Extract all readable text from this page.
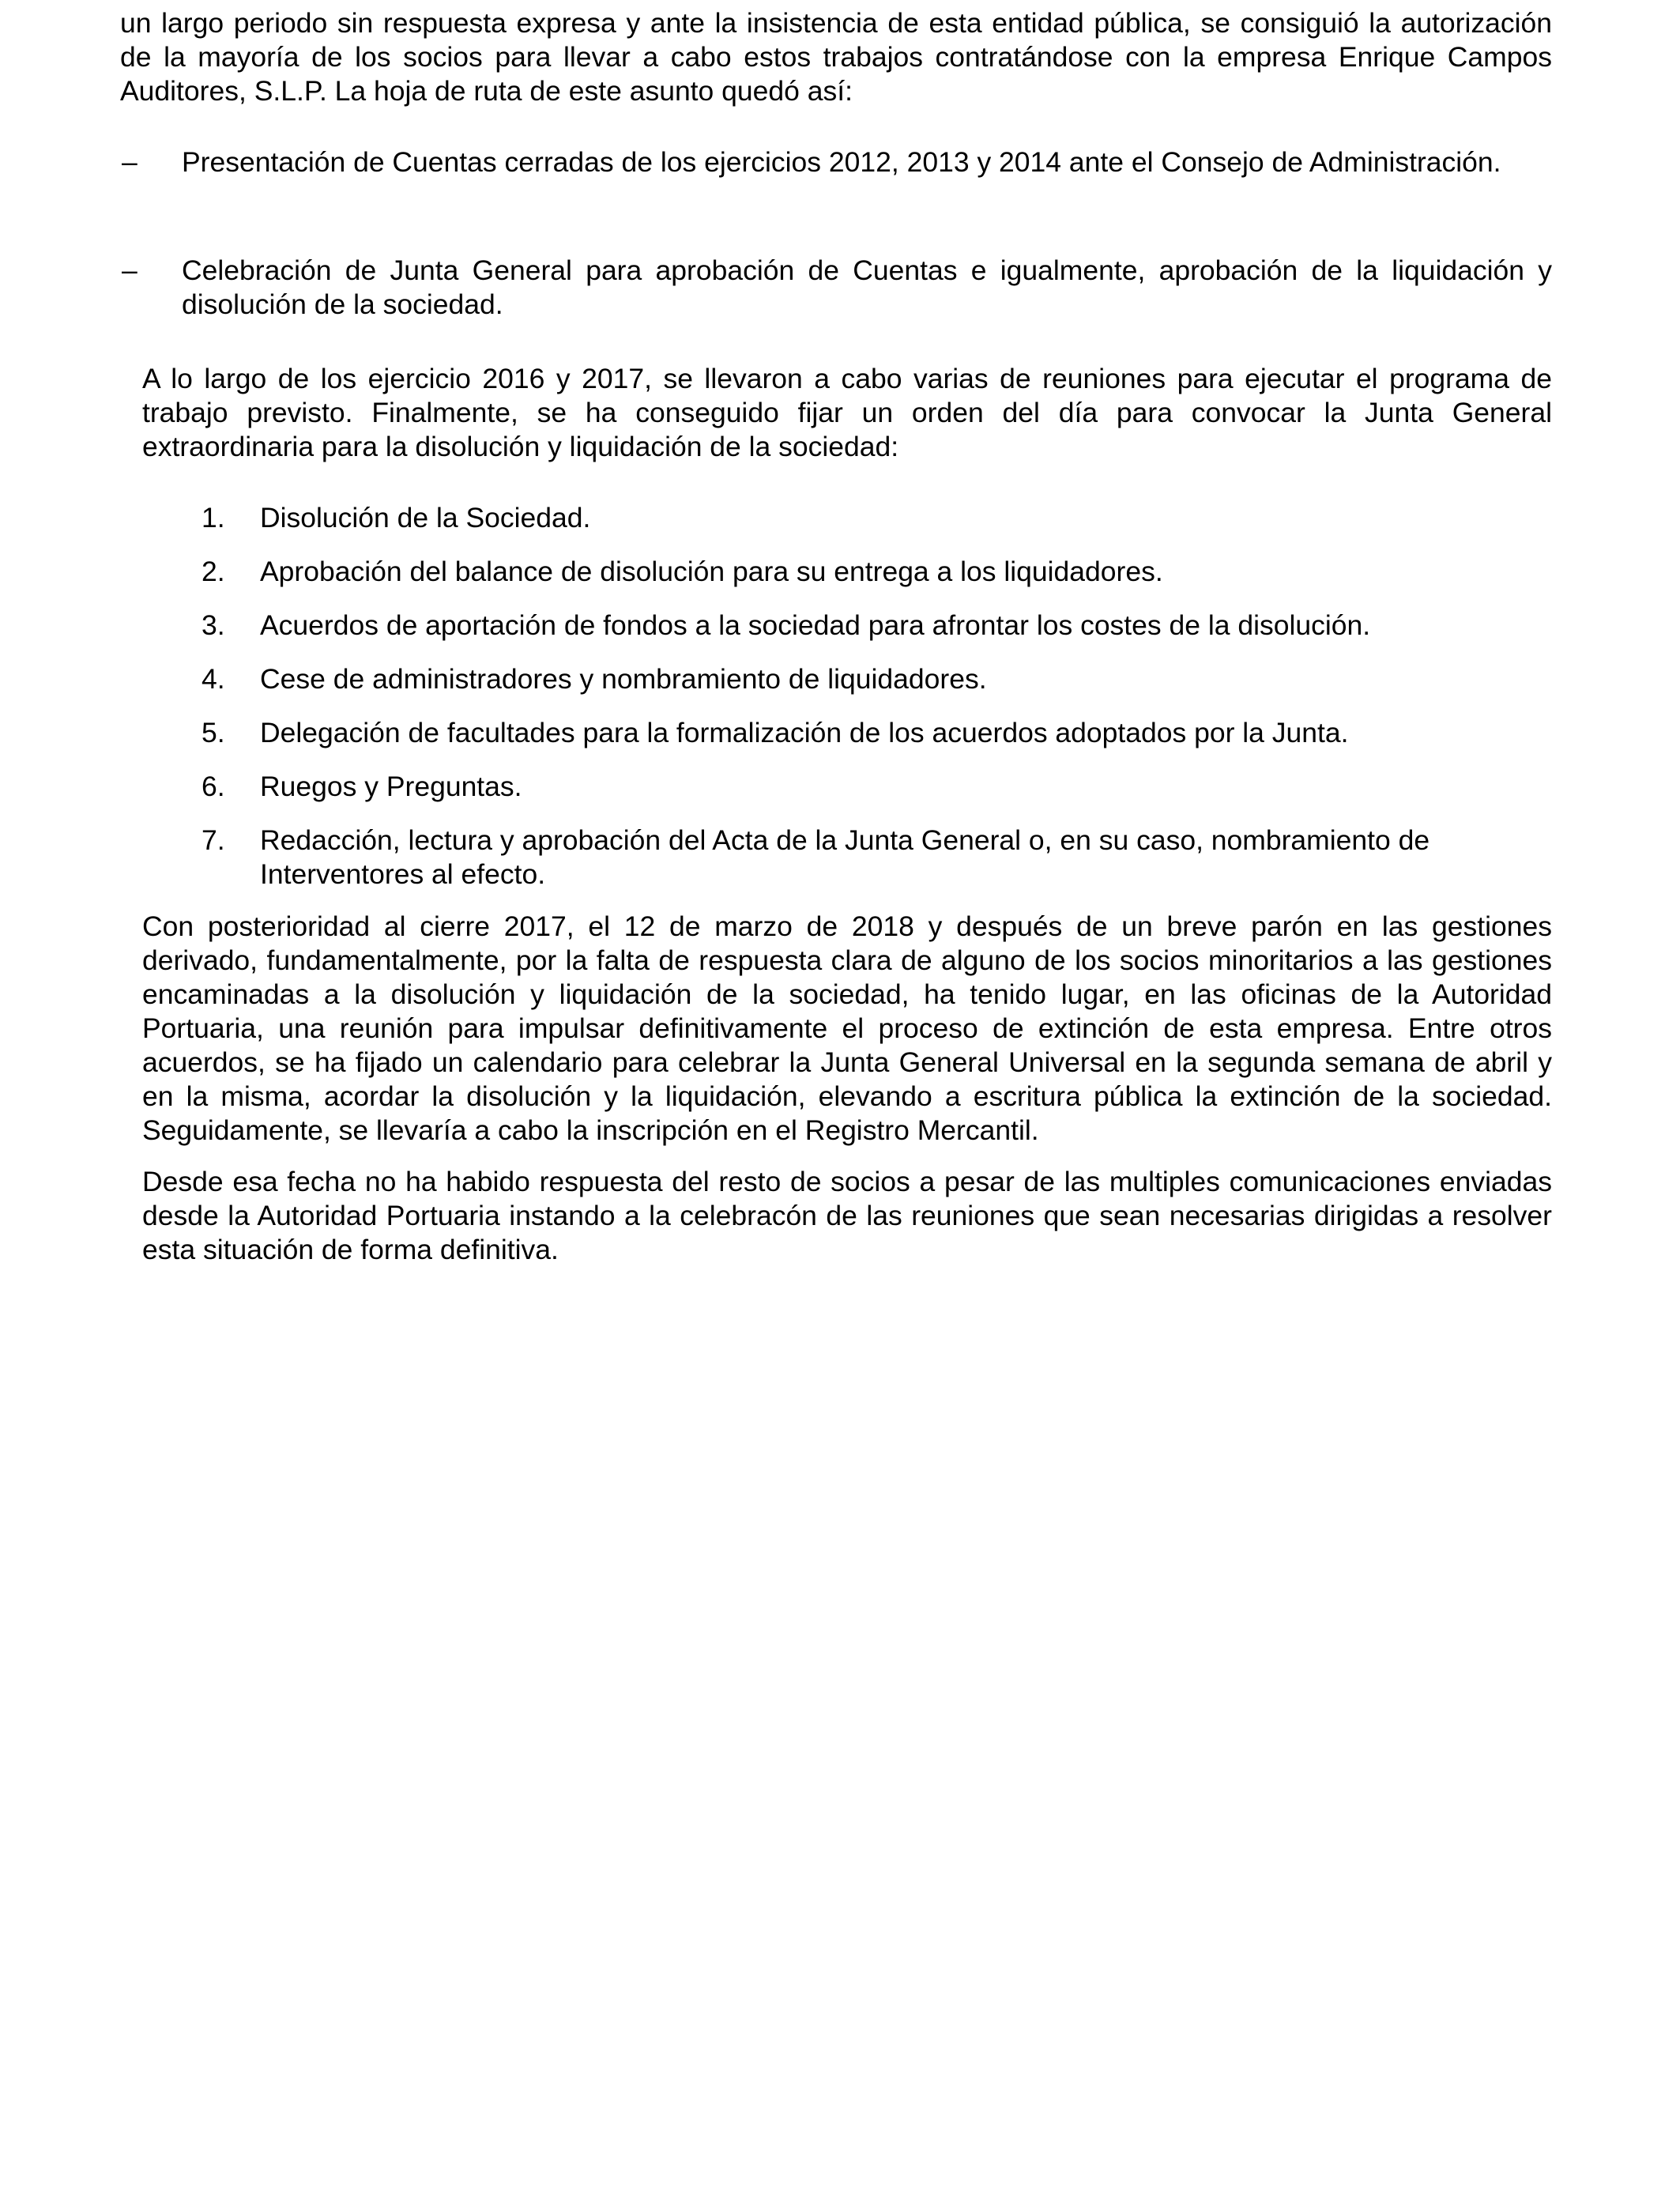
un largo periodo sin respuesta expresa y ante la insistencia de esta entidad pública, se consiguió la autorización de la mayoría de los socios para llevar a cabo estos trabajos contratándose con la empresa Enrique Campos Auditores, S.L.P. La hoja de ruta de este asunto quedó así:

–	Presentación de Cuentas cerradas de los ejercicios 2012, 2013 y 2014 ante el Consejo de Administración.
–	Celebración de Junta General para aprobación de Cuentas e igualmente, aprobación de la liquidación y disolución de la sociedad.

A lo largo de los ejercicio 2016 y 2017, se llevaron a cabo varias de reuniones para ejecutar el programa de trabajo previsto. Finalmente, se ha conseguido fijar un orden del día para convocar la Junta General extraordinaria para la disolución y liquidación de la sociedad:

1.	Disolución de la Sociedad.
2.	Aprobación del balance de disolución para su entrega a los liquidadores.
3.	Acuerdos de aportación de fondos a la sociedad para afrontar los costes de la disolución.
4.	Cese de administradores y nombramiento de liquidadores.
5.	Delegación de facultades para la formalización de los acuerdos adoptados por la Junta.
6.	Ruegos y Preguntas.
7.	Redacción, lectura y aprobación del Acta de la Junta General o, en su caso, nombramiento de Interventores al efecto.

Con posterioridad al cierre 2017, el 12 de marzo de 2018 y después de un breve parón en las gestiones derivado, fundamentalmente, por la falta de respuesta clara de alguno de los socios minoritarios a las gestiones encaminadas a la disolución y liquidación de la sociedad, ha tenido lugar, en las oficinas de la Autoridad Portuaria, una reunión para impulsar definitivamente el proceso de extinción de esta empresa. Entre otros acuerdos, se ha fijado un calendario para celebrar la Junta General Universal en la segunda semana de abril y en la misma, acordar la disolución y la liquidación, elevando a escritura pública la extinción de la sociedad. Seguidamente, se llevaría a cabo la inscripción en el Registro Mercantil.

Desde esa fecha no ha habido respuesta del resto de socios a pesar de las multiples comunicaciones enviadas desde la Autoridad Portuaria instando a la celebracón de las reuniones que sean necesarias dirigidas a resolver esta situación de forma definitiva.
